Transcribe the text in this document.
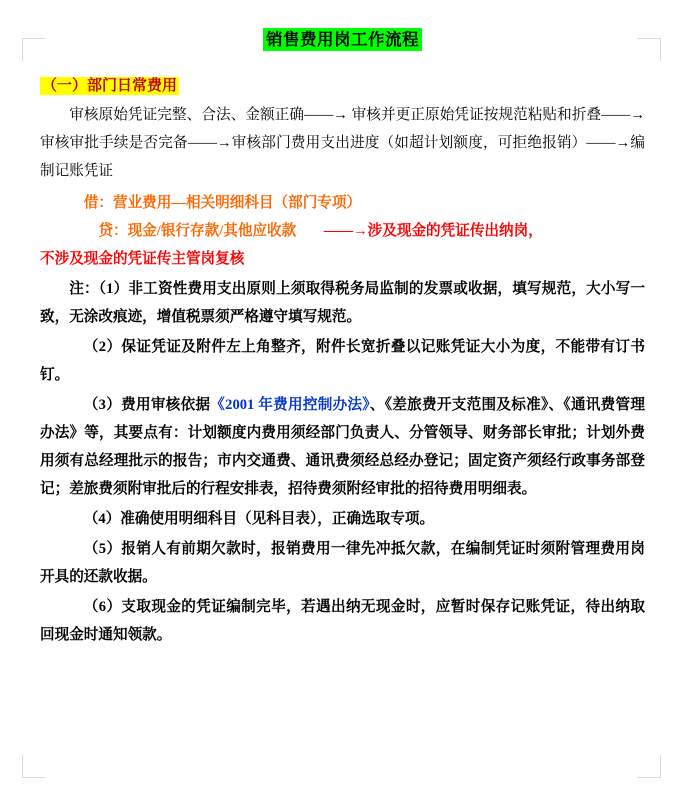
销售费用岗工作流程
（一）部门日常费用

审核原始凭证完整、合法、金额正确——→ 审核并更正原始凭证按规范粘贴和折叠——→ 审核审批手续是否完备——→审核部门费用支出进度（如超计划额度，可拒绝报销）——→编制记账凭证

借：营业费用—相关明细科目（部门专项）

贷：现金/银行存款/其他应收款 ——→涉及现金的凭证传出纳岗，

不涉及现金的凭证传主管岗复核

注：（1）非工资性费用支出原则上须取得税务局监制的发票或收据，填写规范，大小写一致，无涂改痕迹，增值税票须严格遵守填写规范。

（2）保证凭证及附件左上角整齐，附件长宽折叠以记账凭证大小为度，不能带有订书钉。

（3）费用审核依据《2001 年费用控制办法》、《差旅费开支范围及标准》、《通讯费管理办法》等，其要点有：计划额度内费用须经部门负责人、分管领导、财务部长审批；计划外费用须有总经理批示的报告；市内交通费、通讯费须经总经办登记；固定资产须经行政事务部登记；差旅费须附审批后的行程安排表，招待费须附经审批的招待费用明细表。

（4）准确使用明细科目（见科目表），正确选取专项。

（5）报销人有前期欠款时，报销费用一律先冲抵欠款，在编制凭证时须附管理费用岗开具的还款收据。

（6）支取现金的凭证编制完毕，若遇出纳无现金时，应暂时保存记账凭证，待出纳取回现金时通知领款。
